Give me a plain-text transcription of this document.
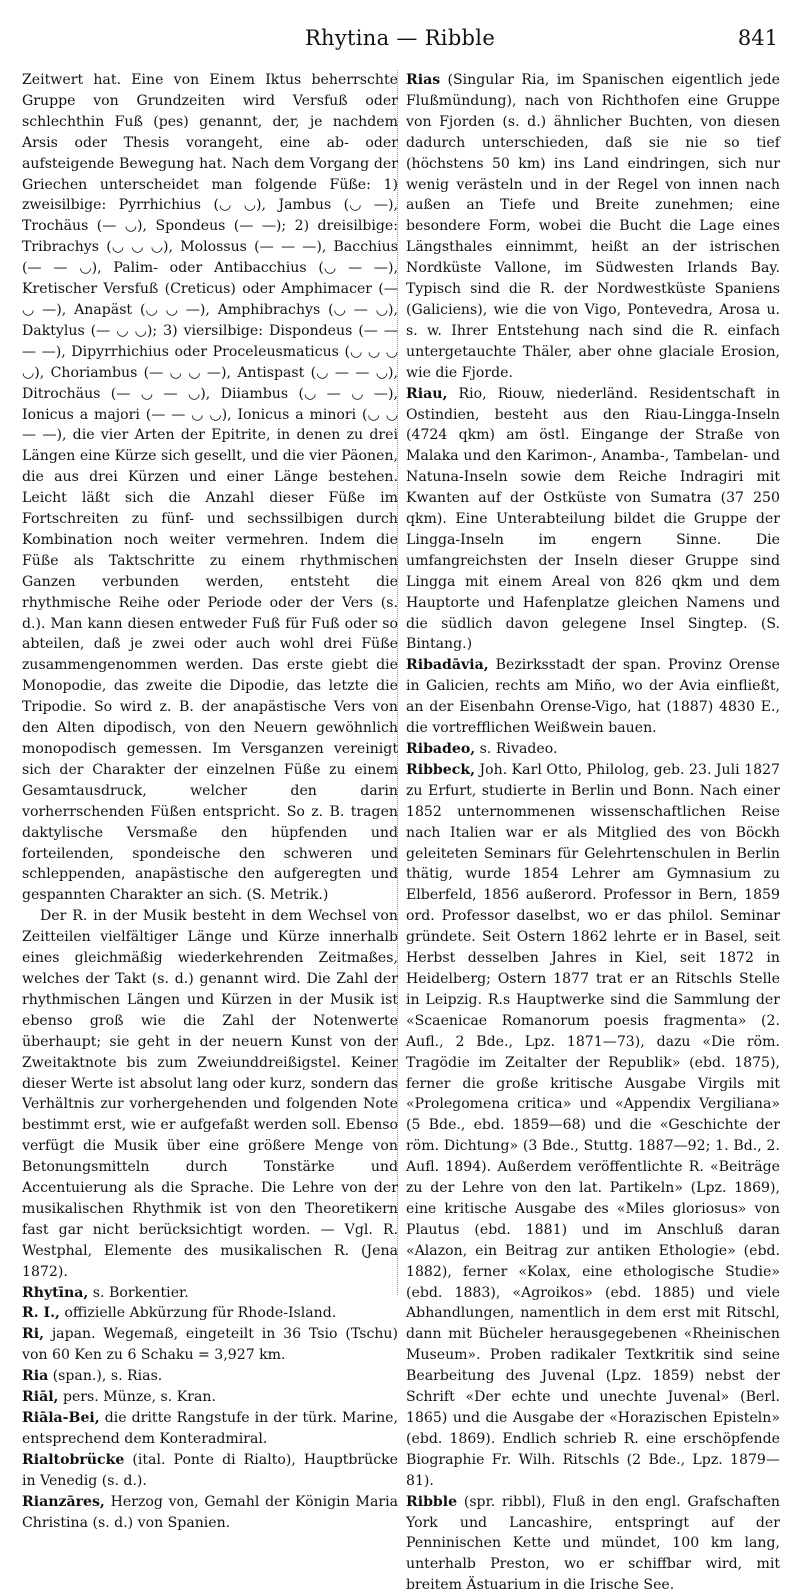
Rhytina — Ribble	841

Zeitwert hat. Eine von Einem Iktus beherrschte Gruppe von Grundzeiten wird Versfuß oder schlechthin Fuß (pes) genannt, der, je nachdem Arsis oder Thesis vorangeht, eine ab- oder aufsteigende Bewegung hat. Nach dem Vorgang der Griechen unterscheidet man folgende Füße: 1) zweisilbige: Pyrrhichius (◡ ◡), Jambus (◡ —), Trochäus (— ◡), Spondeus (— —); 2) dreisilbige: Tribrachys (◡ ◡ ◡), Molossus (— — —), Bacchius (— — ◡), Palim- oder Antibacchius (◡ — —), Kretischer Versfuß (Creticus) oder Amphimacer (— ◡ —), Anapäst (◡ ◡ —), Amphibrachys (◡ — ◡), Daktylus (— ◡ ◡); 3) viersilbige: Dispondeus (— — — —), Dipyrrhichius oder Proceleusmaticus (◡ ◡ ◡ ◡), Choriambus (— ◡ ◡ —), Antispast (◡ — — ◡), Ditrochäus (— ◡ — ◡), Diiambus (◡ — ◡ —), Ionicus a majori (— — ◡ ◡), Ionicus a minori (◡ ◡ — —), die vier Arten der Epitrite, in denen zu drei Längen eine Kürze sich gesellt, und die vier Päonen, die aus drei Kürzen und einer Länge bestehen. Leicht läßt sich die Anzahl dieser Füße im Fortschreiten zu fünf- und sechssilbigen durch Kombination noch weiter vermehren. Indem die Füße als Taktschritte zu einem rhythmischen Ganzen verbunden werden, entsteht die rhythmische Reihe oder Periode oder der Vers (s. d.). Man kann diesen entweder Fuß für Fuß oder so abteilen, daß je zwei oder auch wohl drei Füße zusammengenommen werden. Das erste giebt die Monopodie, das zweite die Dipodie, das letzte die Tripodie. So wird z. B. der anapästische Vers von den Alten dipodisch, von den Neuern gewöhnlich monopodisch gemessen. Im Versganzen vereinigt sich der Charakter der einzelnen Füße zu einem Gesamtausdruck, welcher den darin vorherrschenden Füßen entspricht. So z. B. tragen daktylische Versmaße den hüpfenden und forteilenden, spondeische den schweren und schleppenden, anapästische den aufgeregten und gespannten Charakter an sich. (S. Metrik.)

Der R. in der Musik besteht in dem Wechsel von Zeitteilen vielfältiger Länge und Kürze innerhalb eines gleichmäßig wiederkehrenden Zeitmaßes, welches der Takt (s. d.) genannt wird. Die Zahl der rhythmischen Längen und Kürzen in der Musik ist ebenso groß wie die Zahl der Notenwerte überhaupt; sie geht in der neuern Kunst von der Zweitaktnote bis zum Zweiunddreißigstel. Keiner dieser Werte ist absolut lang oder kurz, sondern das Verhältnis zur vorhergehenden und folgenden Note bestimmt erst, wie er aufgefaßt werden soll. Ebenso verfügt die Musik über eine größere Menge von Betonungsmitteln durch Tonstärke und Accentuierung als die Sprache. Die Lehre von der musikalischen Rhythmik ist von den Theoretikern fast gar nicht berücksichtigt worden. — Vgl. R. Westphal, Elemente des musikalischen R. (Jena 1872).

Rhytīna, s. Borkentier.

R. I., offizielle Abkürzung für Rhode-Island.

Ri, japan. Wegemaß, eingeteilt in 36 Tsio (Tschu) von 60 Ken zu 6 Schaku = 3,927 km.

Ria (span.), s. Rias.

Riāl, pers. Münze, s. Kran.

Riāla-Bei, die dritte Rangstufe in der türk. Marine, entsprechend dem Konteradmiral.

Rialtobrücke (ital. Ponte di Rialto), Hauptbrücke in Venedig (s. d.).

Rianzāres, Herzog von, Gemahl der Königin Maria Christina (s. d.) von Spanien.

Rias (Singular Ria, im Spanischen eigentlich jede Flußmündung), nach von Richthofen eine Gruppe von Fjorden (s. d.) ähnlicher Buchten, von diesen dadurch unterschieden, daß sie nie so tief (höchstens 50 km) ins Land eindringen, sich nur wenig verästeln und in der Regel von innen nach außen an Tiefe und Breite zunehmen; eine besondere Form, wobei die Bucht die Lage eines Längsthales einnimmt, heißt an der istrischen Nordküste Vallone, im Südwesten Irlands Bay. Typisch sind die R. der Nordwestküste Spaniens (Galiciens), wie die von Vigo, Pontevedra, Arosa u. s. w. Ihrer Entstehung nach sind die R. einfach untergetauchte Thäler, aber ohne glaciale Erosion, wie die Fjorde.

Riau, Rio, Riouw, niederländ. Residentschaft in Ostindien, besteht aus den Riau-Lingga-Inseln (4724 qkm) am östl. Eingange der Straße von Malaka und den Karimon-, Anamba-, Tambelan- und Natuna-Inseln sowie dem Reiche Indragiri mit Kwanten auf der Ostküste von Sumatra (37 250 qkm). Eine Unterabteilung bildet die Gruppe der Lingga-Inseln im engern Sinne. Die umfangreichsten der Inseln dieser Gruppe sind Lingga mit einem Areal von 826 qkm und dem Hauptorte und Hafenplatze gleichen Namens und die südlich davon gelegene Insel Singtep. (S. Bintang.)

Ribadāvia, Bezirksstadt der span. Provinz Orense in Galicien, rechts am Miño, wo der Avia einfließt, an der Eisenbahn Orense-Vigo, hat (1887) 4830 E., die vortrefflichen Weißwein bauen.

Ribadeo, s. Rivadeo.

Ribbeck, Joh. Karl Otto, Philolog, geb. 23. Juli 1827 zu Erfurt, studierte in Berlin und Bonn. Nach einer 1852 unternommenen wissenschaftlichen Reise nach Italien war er als Mitglied des von Böckh geleiteten Seminars für Gelehrtenschulen in Berlin thätig, wurde 1854 Lehrer am Gymnasium zu Elberfeld, 1856 außerord. Professor in Bern, 1859 ord. Professor daselbst, wo er das philol. Seminar gründete. Seit Ostern 1862 lehrte er in Basel, seit Herbst desselben Jahres in Kiel, seit 1872 in Heidelberg; Ostern 1877 trat er an Ritschls Stelle in Leipzig. R.s Hauptwerke sind die Sammlung der «Scaenicae Romanorum poesis fragmenta» (2. Aufl., 2 Bde., Lpz. 1871—73), dazu «Die röm. Tragödie im Zeitalter der Republik» (ebd. 1875), ferner die große kritische Ausgabe Virgils mit «Prolegomena critica» und «Appendix Vergiliana» (5 Bde., ebd. 1859—68) und die «Geschichte der röm. Dichtung» (3 Bde., Stuttg. 1887—92; 1. Bd., 2. Aufl. 1894). Außerdem veröffentlichte R. «Beiträge zu der Lehre von den lat. Partikeln» (Lpz. 1869), eine kritische Ausgabe des «Miles gloriosus» von Plautus (ebd. 1881) und im Anschluß daran «Alazon, ein Beitrag zur antiken Ethologie» (ebd. 1882), ferner «Kolax, eine ethologische Studie» (ebd. 1883), «Agroikos» (ebd. 1885) und viele Abhandlungen, namentlich in dem erst mit Ritschl, dann mit Bücheler herausgegebenen «Rheinischen Museum». Proben radikaler Textkritik sind seine Bearbeitung des Juvenal (Lpz. 1859) nebst der Schrift «Der echte und unechte Juvenal» (Berl. 1865) und die Ausgabe der «Horazischen Episteln» (ebd. 1869). Endlich schrieb R. eine erschöpfende Biographie Fr. Wilh. Ritschls (2 Bde., Lpz. 1879—81).

Ribble (spr. ribbl), Fluß in den engl. Grafschaften York und Lancashire, entspringt auf der Penninischen Kette und mündet, 100 km lang, unterhalb Preston, wo er schiffbar wird, mit breitem Ästuarium in die Irische See.
